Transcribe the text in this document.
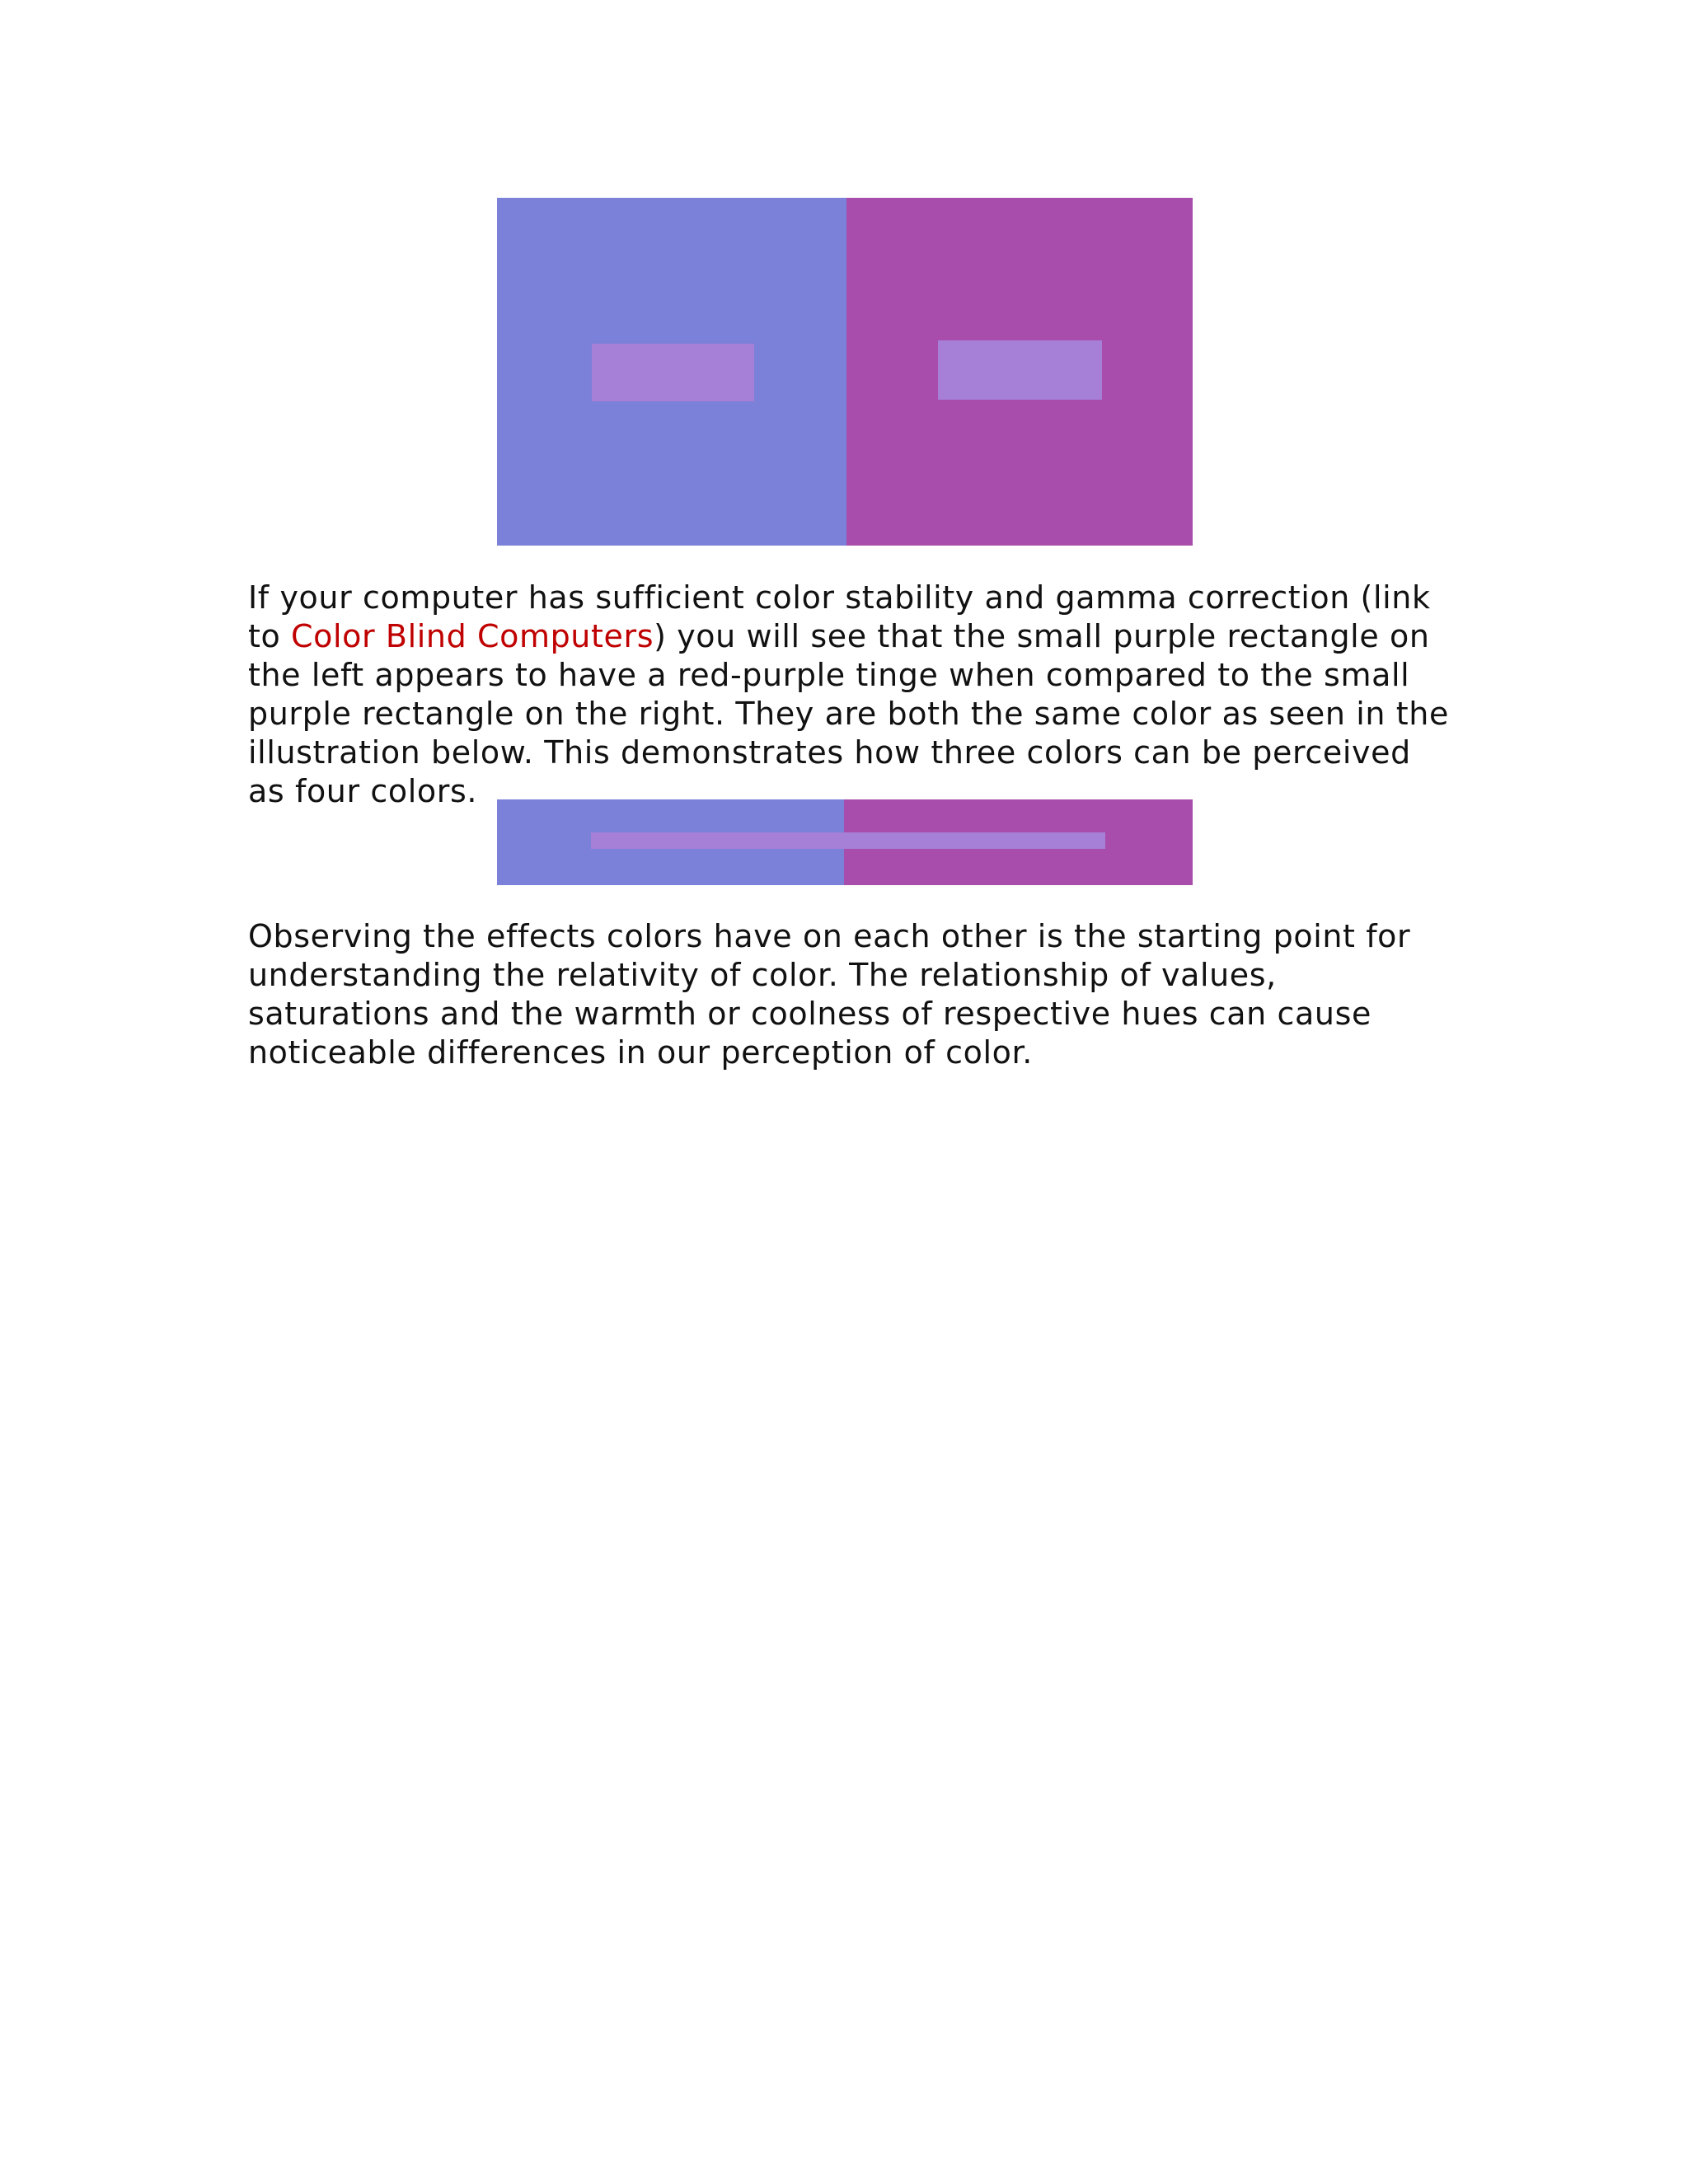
If your computer has sufficient color stability and gamma correction (link to Color Blind Computers) you will see that the small purple rectangle on the left appears to have a red-purple tinge when compared to the small purple rectangle on the right. They are both the same color as seen in the illustration below. This demonstrates how three colors can be perceived as four colors.

Observing the effects colors have on each other is the starting point for understanding the relativity of color. The relationship of values, saturations and the warmth or coolness of respective hues can cause noticeable differences in our perception of color.
